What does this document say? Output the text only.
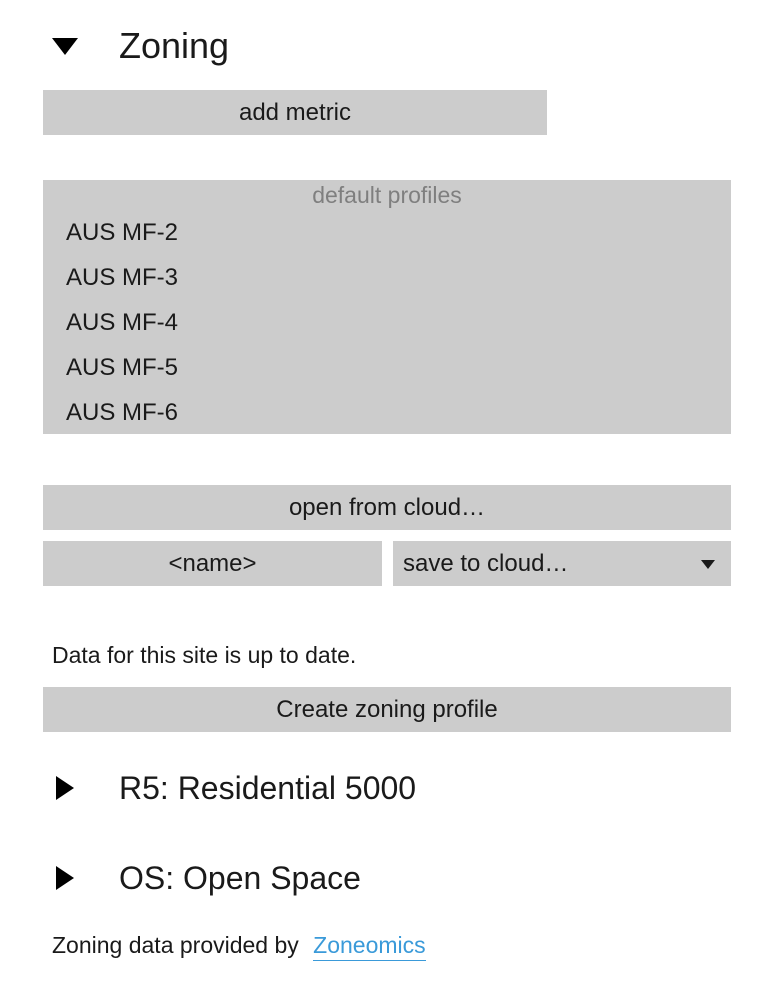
Zoning
add metric
default profiles
AUS MF-2
AUS MF-3
AUS MF-4
AUS MF-5
AUS MF-6
open from cloud…
<name>	save to cloud…
Data for this site is up to date.
Create zoning profile
R5: Residential 5000
OS: Open Space
Zoning data provided by Zoneomics
